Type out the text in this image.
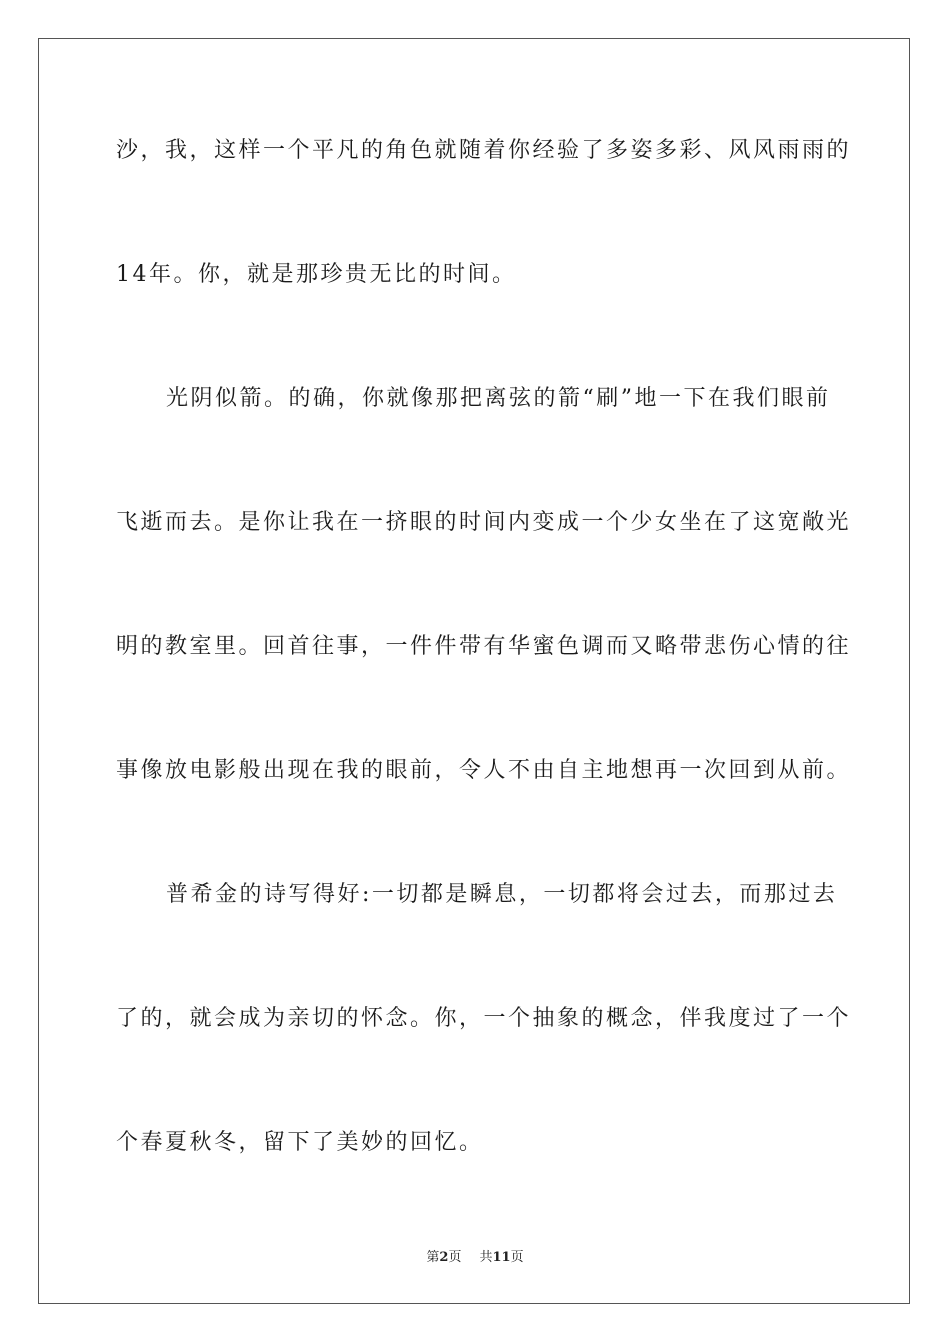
沙，我，这样一个平凡的角色就随着你经验了多姿多彩、风风雨雨的
14年。你，就是那珍贵无比的时间。
光阴似箭。的确，你就像那把离弦的箭“刷”地一下在我们眼前
飞逝而去。是你让我在一挤眼的时间内变成一个少女坐在了这宽敞光
明的教室里。回首往事，一件件带有华蜜色调而又略带悲伤心情的往
事像放电影般出现在我的眼前，令人不由自主地想再一次回到从前。
普希金的诗写得好:一切都是瞬息，一切都将会过去，而那过去
了的，就会成为亲切的怀念。你，一个抽象的概念，伴我度过了一个
个春夏秋冬，留下了美妙的回忆。
第2页 共11页
